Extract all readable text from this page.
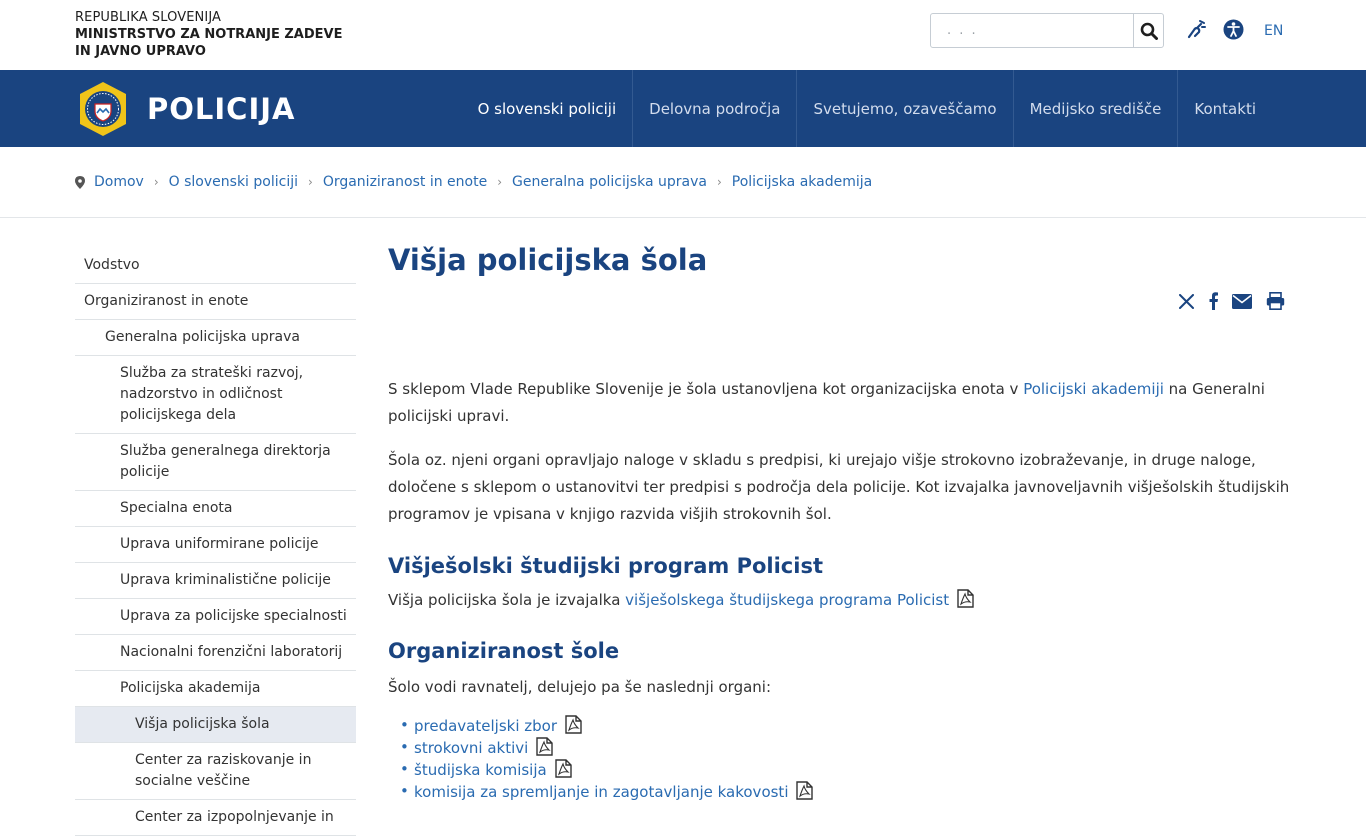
REPUBLIKA SLOVENIJA
MINISTRSTVO ZA NOTRANJE ZADEVE
IN JAVNO UPRAVO
. . .
EN
POLICIJA	O slovenski policiji	Delovna področja	Svetujemo, ozaveščamo	Medijsko središče	Kontakti
Domov › O slovenski policiji › Organiziranost in enote › Generalna policijska uprava › Policijska akademija
Vodstvo
Organiziranost in enote
Generalna policijska uprava
Služba za strateški razvoj, nadzorstvo in odličnost policijskega dela
Služba generalnega direktorja policije
Specialna enota
Uprava uniformirane policije
Uprava kriminalistične policije
Uprava za policijske specialnosti
Nacionalni forenzični laboratorij
Policijska akademija
Višja policijska šola
Center za raziskovanje in socialne veščine
Center za izpopolnjevanje in
Višja policijska šola

S sklepom Vlade Republike Slovenije je šola ustanovljena kot organizacijska enota v Policijski akademiji na Generalni policijski upravi.

Šola oz. njeni organi opravljajo naloge v skladu s predpisi, ki urejajo višje strokovno izobraževanje, in druge naloge, določene s sklepom o ustanovitvi ter predpisi s področja dela policije. Kot izvajalka javnoveljavnih višješolskih študijskih programov je vpisana v knjigo razvida višjih strokovnih šol.

Višješolski študijski program Policist

Višja policijska šola je izvajalka višješolskega študijskega programa Policist

Organiziranost šole

Šolo vodi ravnatelj, delujejo pa še naslednji organi:

• predavateljski zbor
• strokovni aktivi
• študijska komisija
• komisija za spremljanje in zagotavljanje kakovosti
